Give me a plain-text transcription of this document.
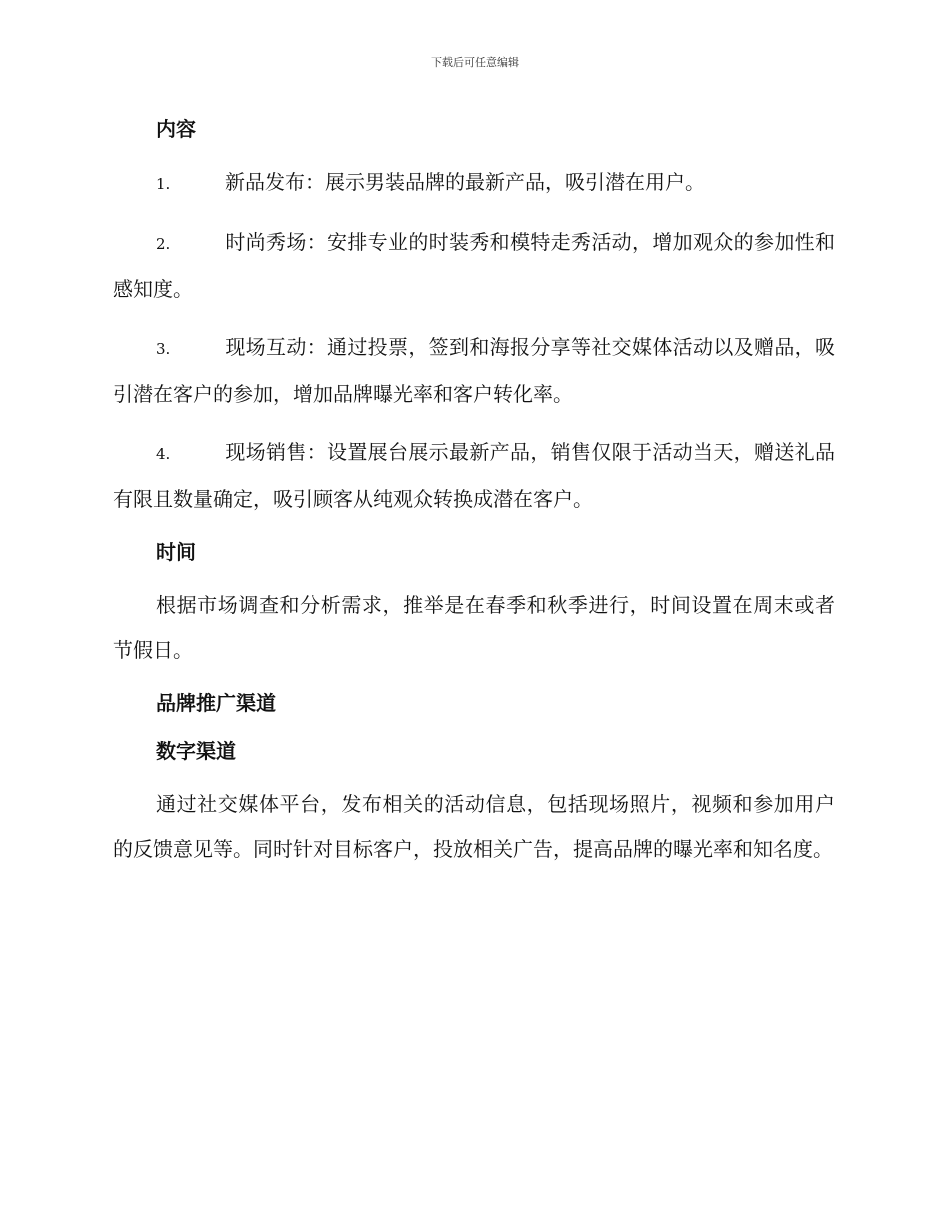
下载后可任意编辑
内容
1.	新品发布：展示男装品牌的最新产品，吸引潜在用户。
2.	时尚秀场：安排专业的时装秀和模特走秀活动，增加观众的参加性和感知度。
3.	现场互动：通过投票，签到和海报分享等社交媒体活动以及赠品，吸引潜在客户的参加，增加品牌曝光率和客户转化率。
4.	现场销售：设置展台展示最新产品，销售仅限于活动当天，赠送礼品有限且数量确定，吸引顾客从纯观众转换成潜在客户。
时间
根据市场调查和分析需求，推举是在春季和秋季进行，时间设置在周末或者节假日。
品牌推广渠道
数字渠道
通过社交媒体平台，发布相关的活动信息，包括现场照片，视频和参加用户的反馈意见等。同时针对目标客户，投放相关广告，提高品牌的曝光率和知名度。
